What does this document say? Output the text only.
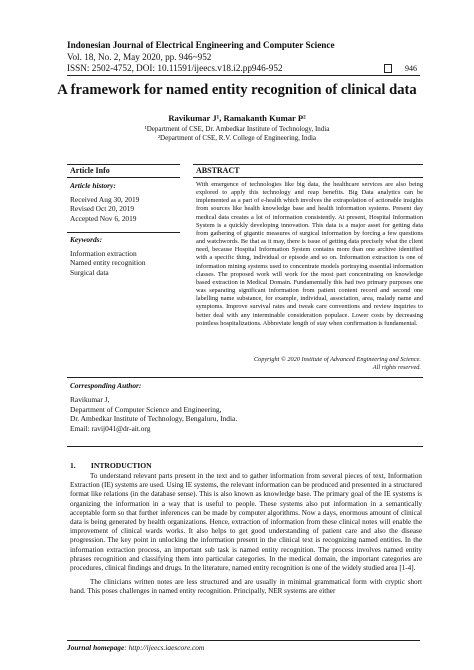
Indonesian Journal of Electrical Engineering and Computer Science
Vol. 18, No. 2, May 2020, pp. 946~952
ISSN: 2502-4752, DOI: 10.11591/ijeecs.v18.i2.pp946-952	946
A framework for named entity recognition of clinical data
Ravikumar J¹, Ramakanth Kumar P²
¹Department of CSE, Dr. Ambedkar Institute of Technology, India
²Department of CSE, R.V. College of Engineering, India
Article Info	ABSTRACT
Article history:
Received Aug 30, 2019
Revised Oct 20, 2019
Accepted Nov 6, 2019
Keywords:
Information extraction
Named entity recognition
Surgical data
With emergence of technologies like big data, the healthcare services are also being explored to apply this technology and reap benefits. Big Data analytics can be implemented as a part of e-health which involves the extrapolation of actionable insights from sources like health knowledge base and health information systems. Present day medical data creates a lot of information consistently. At present, Hospital Information System is a quickly developing innovation. This data is a major asset for getting data from gathering of gigantic measures of surgical information by forcing a few questions and watchwords. Be that as it may, there is issue of getting data precisely what the client need, because Hospital Information System contains more than one archive identified with a specific thing, individual or episode and so on. Information extraction is one of information mining systems used to concentrate models portraying essential information classes. The proposed work will work for the most part concentrating on knowledge based extraction in Medical Domain. Fundamentally this had two primary purposes one was separating significant information from patient content record and second one labelling name substance, for example, individual, association, area, malady name and symptoms. Improve survival rates and tweak care conventions and review inquiries to better deal with any interminable consideration populace. Lower costs by decreasing pointless hospitalizations. Abbreviate length of stay when confirmation is fundamental.
Copyright © 2020 Institute of Advanced Engineering and Science.
All rights reserved.
Corresponding Author:
Ravikumar J,
Department of Computer Science and Engineering,
Dr. Ambedkar Institute of Technology, Bengaluru, India.
Email: ravij041@dr-ait.org
1.        INTRODUCTION

To understand relevant parts present in the text and to gather information from several pieces of text, Information Extraction (IE) systems are used. Using IE systems, the relevant information can be produced and presented in a structured format like relations (in the database sense). This is also known as knowledge base. The primary goal of the IE systems is organizing the information in a way that is useful to people. These systems also put information in a semantically acceptable form so that further inferences can be made by computer algorithms. Now a days, enormous amount of clinical data is being generated by health organizations. Hence, extraction of information from these clinical notes will enable the improvement of clinical wards works. It also helps to get good understanding of patient care and also the disease progression. The key point in unlocking the information present in the clinical text is recognizing named entities. In the information extraction process, an important sub task is named entity recognition. The process involves named entity phrases recognition and classifying them into particular categories. In the medical domain, the important categories are procedures, clinical findings and drugs. In the literature, named entity recognition is one of the widely studied area [1-4].

The clinicians written notes are less structured and are usually in minimal grammatical form with cryptic short hand. This poses challenges in named entity recognition. Principally, NER systems are either

Journal homepage: http://ijeecs.iaescore.com
